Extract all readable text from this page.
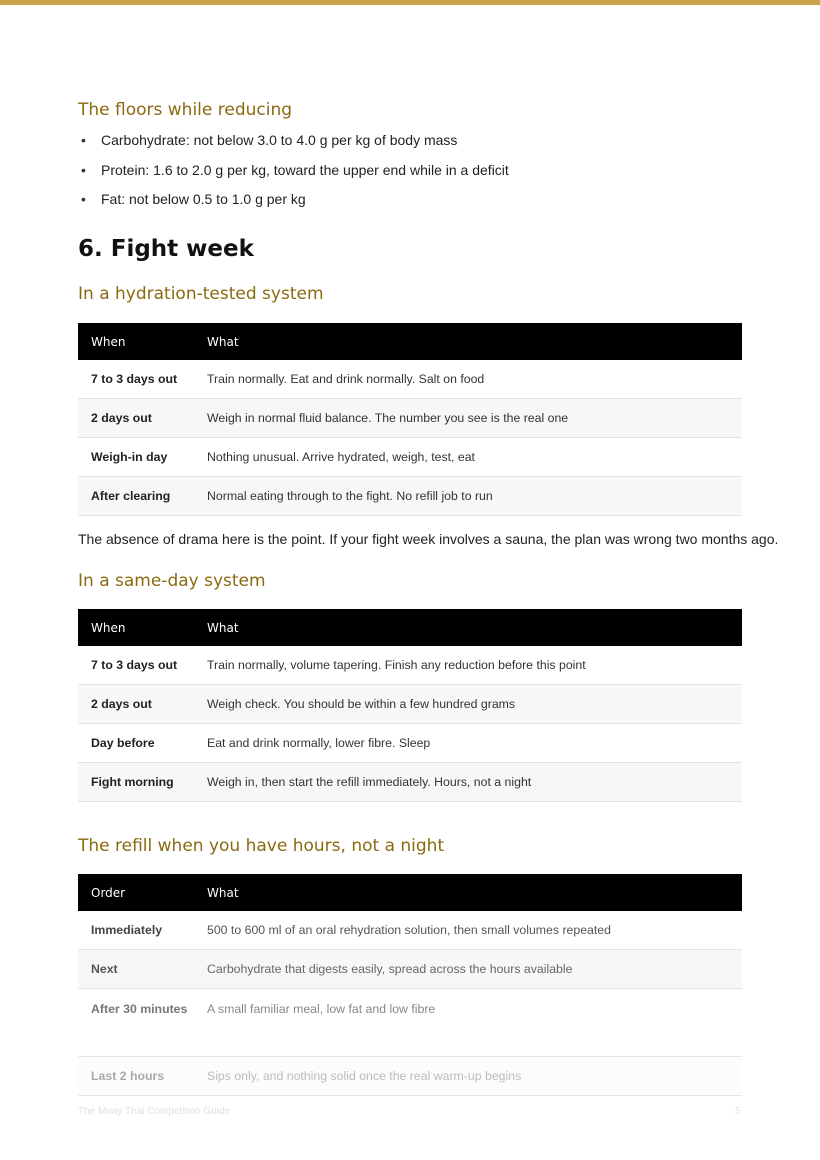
The floors while reducing
• Carbohydrate: not below 3.0 to 4.0 g per kg of body mass
• Protein: 1.6 to 2.0 g per kg, toward the upper end while in a deficit
• Fat: not below 0.5 to 1.0 g per kg
6. Fight week
In a hydration-tested system
When	What
7 to 3 days out	Train normally. Eat and drink normally. Salt on food
2 days out	Weigh in normal fluid balance. The number you see is the real one
Weigh-in day	Nothing unusual. Arrive hydrated, weigh, test, eat
After clearing	Normal eating through to the fight. No refill job to run
The absence of drama here is the point. If your fight week involves a sauna, the plan was wrong two months ago.
In a same-day system
When	What
7 to 3 days out	Train normally, volume tapering. Finish any reduction before this point
2 days out	Weigh check. You should be within a few hundred grams
Day before	Eat and drink normally, lower fibre. Sleep
Fight morning	Weigh in, then start the refill immediately. Hours, not a night
The refill when you have hours, not a night
Order	What
Immediately	500 to 600 ml of an oral rehydration solution, then small volumes repeated
Next	Carbohydrate that digests easily, spread across the hours available
After 30 minutes	A small familiar meal, low fat and low fibre
Last 2 hours	Sips only, and nothing solid once the real warm-up begins
The Muay Thai Competition Guide	5
